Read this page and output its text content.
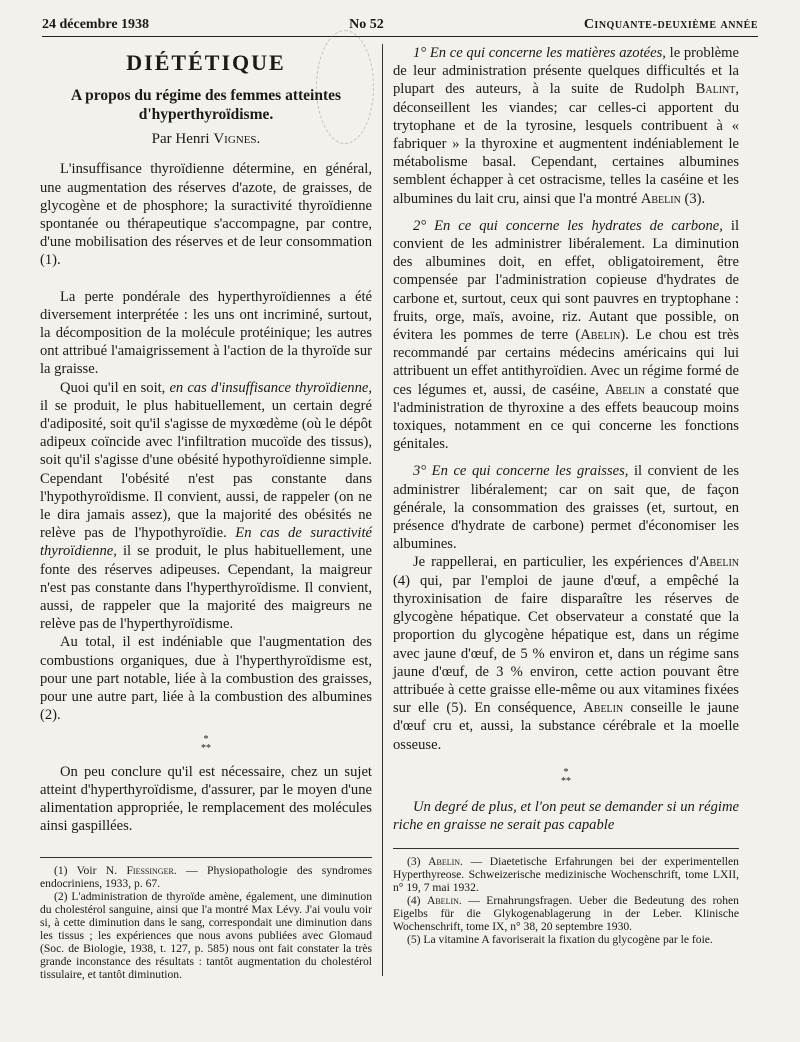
24 décembre 1938	No 52	Cinquante-deuxième année
DIÉTÉTIQUE
A propos du régime des femmes atteintes d'hyperthyroïdisme.
Par Henri Vignes.

L'insuffisance thyroïdienne détermine, en général, une augmentation des réserves d'azote, de graisses, de glycogène et de phosphore; la suractivité thyroïdienne spontanée ou thérapeutique s'accompagne, par contre, d'une mobilisation des réserves et de leur consommation (1).

La perte pondérale des hyperthyroïdiennes a été diversement interprétée : les uns ont incriminé, surtout, la décomposition de la molécule protéinique; les autres ont attribué l'amaigrissement à l'action de la thyroïde sur la graisse.

Quoi qu'il en soit, en cas d'insuffisance thyroïdienne, il se produit, le plus habituellement, un certain degré d'adiposité, soit qu'il s'agisse de myxœdème (où le dépôt adipeux coïncide avec l'infiltration mucoïde des tissus), soit qu'il s'agisse d'une obésité hypothyroïdienne simple. Cependant l'obésité n'est pas constante dans l'hypothyroïdisme. Il convient, aussi, de rappeler (on ne le dira jamais assez), que la majorité des obésités ne relève pas de l'hypothyroïdie. En cas de suractivité thyroïdienne, il se produit, le plus habituellement, une fonte des réserves adipeuses. Cependant, la maigreur n'est pas constante dans l'hyperthyroïdisme. Il convient, aussi, de rappeler que la majorité des maigreurs ne relève pas de l'hyperthyroïdisme.

Au total, il est indéniable que l'augmentation des combustions organiques, due à l'hyperthyroïdisme est, pour une part notable, liée à la combustion des graisses, pour une autre part, liée à la combustion des albumines (2).

*
**

On peu conclure qu'il est nécessaire, chez un sujet atteint d'hyperthyroïdisme, d'assurer, par le moyen d'une alimentation appropriée, le remplacement des molécules ainsi gaspillées.

(1) Voir N. Fiessinger. — Physiopathologie des syndromes endocriniens, 1933, p. 67.

(2) L'administration de thyroïde amène, également, une diminution du cholestérol sanguine, ainsi que l'a montré Max Lévy. J'ai voulu voir si, à cette diminution dans le sang, correspondait une diminution dans les tissus ; les expériences que nous avons publiées avec Glomaud (Soc. de Biologie, 1938, t. 127, p. 585) nous ont fait constater la très grande inconstance des résultats : tantôt augmentation du cholestérol tissulaire, et tantôt diminution.

1° En ce qui concerne les matières azotées, le problème de leur administration présente quelques difficultés et la plupart des auteurs, à la suite de Rudolph Balint, déconseillent les viandes; car celles-ci apportent du trytophane et de la tyrosine, lesquels contribuent à « fabriquer » la thyroxine et augmentent indéniablement le métabolisme basal. Cependant, certaines albumines semblent échapper à cet ostracisme, telles la caséine et les albumines du lait cru, ainsi que l'a montré Abelin (3).

2° En ce qui concerne les hydrates de carbone, il convient de les administrer libéralement. La diminution des albumines doit, en effet, obligatoirement, être compensée par l'administration copieuse d'hydrates de carbone et, surtout, ceux qui sont pauvres en tryptophane : fruits, orge, maïs, avoine, riz. Autant que possible, on évitera les pommes de terre (Abelin). Le chou est très recommandé par certains médecins américains qui lui attribuent un effet antithyroïdien. Avec un régime formé de ces légumes et, aussi, de caséine, Abelin a constaté que l'administration de thyroxine a des effets beaucoup moins toxiques, notamment en ce qui concerne les fonctions génitales.

3° En ce qui concerne les graisses, il convient de les administrer libéralement; car on sait que, de façon générale, la consommation des graisses (et, surtout, en présence d'hydrate de carbone) permet d'économiser les albumines.

Je rappellerai, en particulier, les expériences d'Abelin (4) qui, par l'emploi de jaune d'œuf, a empêché la thyroxinisation de faire disparaître les réserves de glycogène hépatique. Cet observateur a constaté que la proportion du glycogène hépatique est, dans un régime avec jaune d'œuf, de 5 % environ et, dans un régime sans jaune d'œuf, de 3 % environ, cette action pouvant être attribuée à cette graisse elle-même ou aux vitamines fixées sur elle (5). En conséquence, Abelin conseille le jaune d'œuf cru et, aussi, la substance cérébrale et la moelle osseuse.

*
**

Un degré de plus, et l'on peut se demander si un régime riche en graisse ne serait pas capable

(3) Abelin. — Diaetetische Erfahrungen bei der experimentellen Hyperthyreose. Schweizerische medizinische Wochenschrift, tome LXII, n° 19, 7 mai 1932.

(4) Abelin. — Ernahrungsfragen. Ueber die Bedeutung des rohen Eigelbs für die Glykogenablagerung in der Leber. Klinische Wochenschrift, tome IX, n° 38, 20 septembre 1930.

(5) La vitamine A favoriserait la fixation du glycogène par le foie.
